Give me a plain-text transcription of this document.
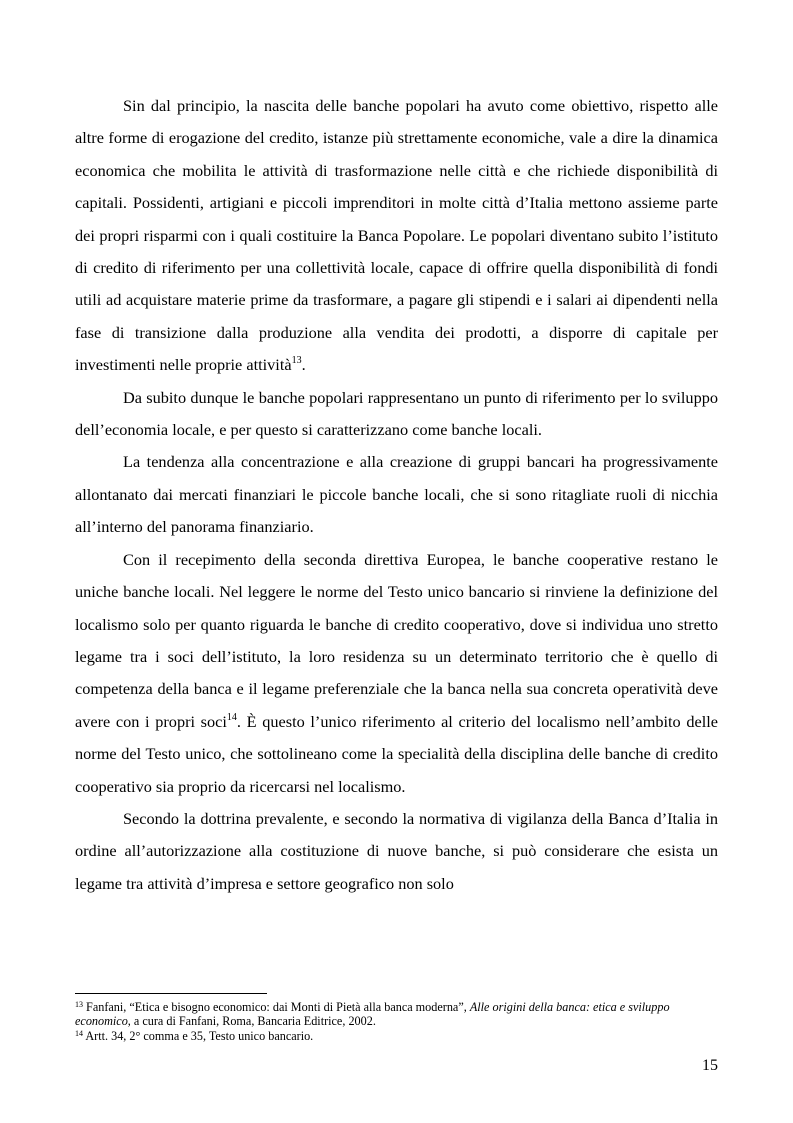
Sin dal principio, la nascita delle banche popolari ha avuto come obiettivo, rispetto alle altre forme di erogazione del credito, istanze più strettamente economiche, vale a dire la dinamica economica che mobilita le attività di trasformazione nelle città e che richiede disponibilità di capitali. Possidenti, artigiani e piccoli imprenditori in molte città d’Italia mettono assieme parte dei propri risparmi con i quali costituire la Banca Popolare. Le popolari diventano subito l’istituto di credito di riferimento per una collettività locale, capace di offrire quella disponibilità di fondi utili ad acquistare materie prime da trasformare, a pagare gli stipendi e i salari ai dipendenti nella fase di transizione dalla produzione alla vendita dei prodotti, a disporre di capitale per investimenti nelle proprie attività$^{13}$.

Da subito dunque le banche popolari rappresentano un punto di riferimento per lo sviluppo dell’economia locale, e per questo si caratterizzano come banche locali.

La tendenza alla concentrazione e alla creazione di gruppi bancari ha progressivamente allontanato dai mercati finanziari le piccole banche locali, che si sono ritagliate ruoli di nicchia all’interno del panorama finanziario.

Con il recepimento della seconda direttiva Europea, le banche cooperative restano le uniche banche locali. Nel leggere le norme del Testo unico bancario si rinviene la definizione del localismo solo per quanto riguarda le banche di credito cooperativo, dove si individua uno stretto legame tra i soci dell’istituto, la loro residenza su un determinato territorio che è quello di competenza della banca e il legame preferenziale che la banca nella sua concreta operatività deve avere con i propri soci$^{14}$. È questo l’unico riferimento al criterio del localismo nell’ambito delle norme del Testo unico, che sottolineano come la specialità della disciplina delle banche di credito cooperativo sia proprio da ricercarsi nel localismo.

Secondo la dottrina prevalente, e secondo la normativa di vigilanza della Banca d’Italia in ordine all’autorizzazione alla costituzione di nuove banche, si può considerare che esista un legame tra attività d’impresa e settore geografico non solo

$^{13}$ Fanfani, “Etica e bisogno economico: dai Monti di Pietà alla banca moderna”, Alle origini della banca: etica e sviluppo economico, a cura di Fanfani, Roma, Bancaria Editrice, 2002.

$^{14}$ Artt. 34, 2° comma e 35, Testo unico bancario.

15
